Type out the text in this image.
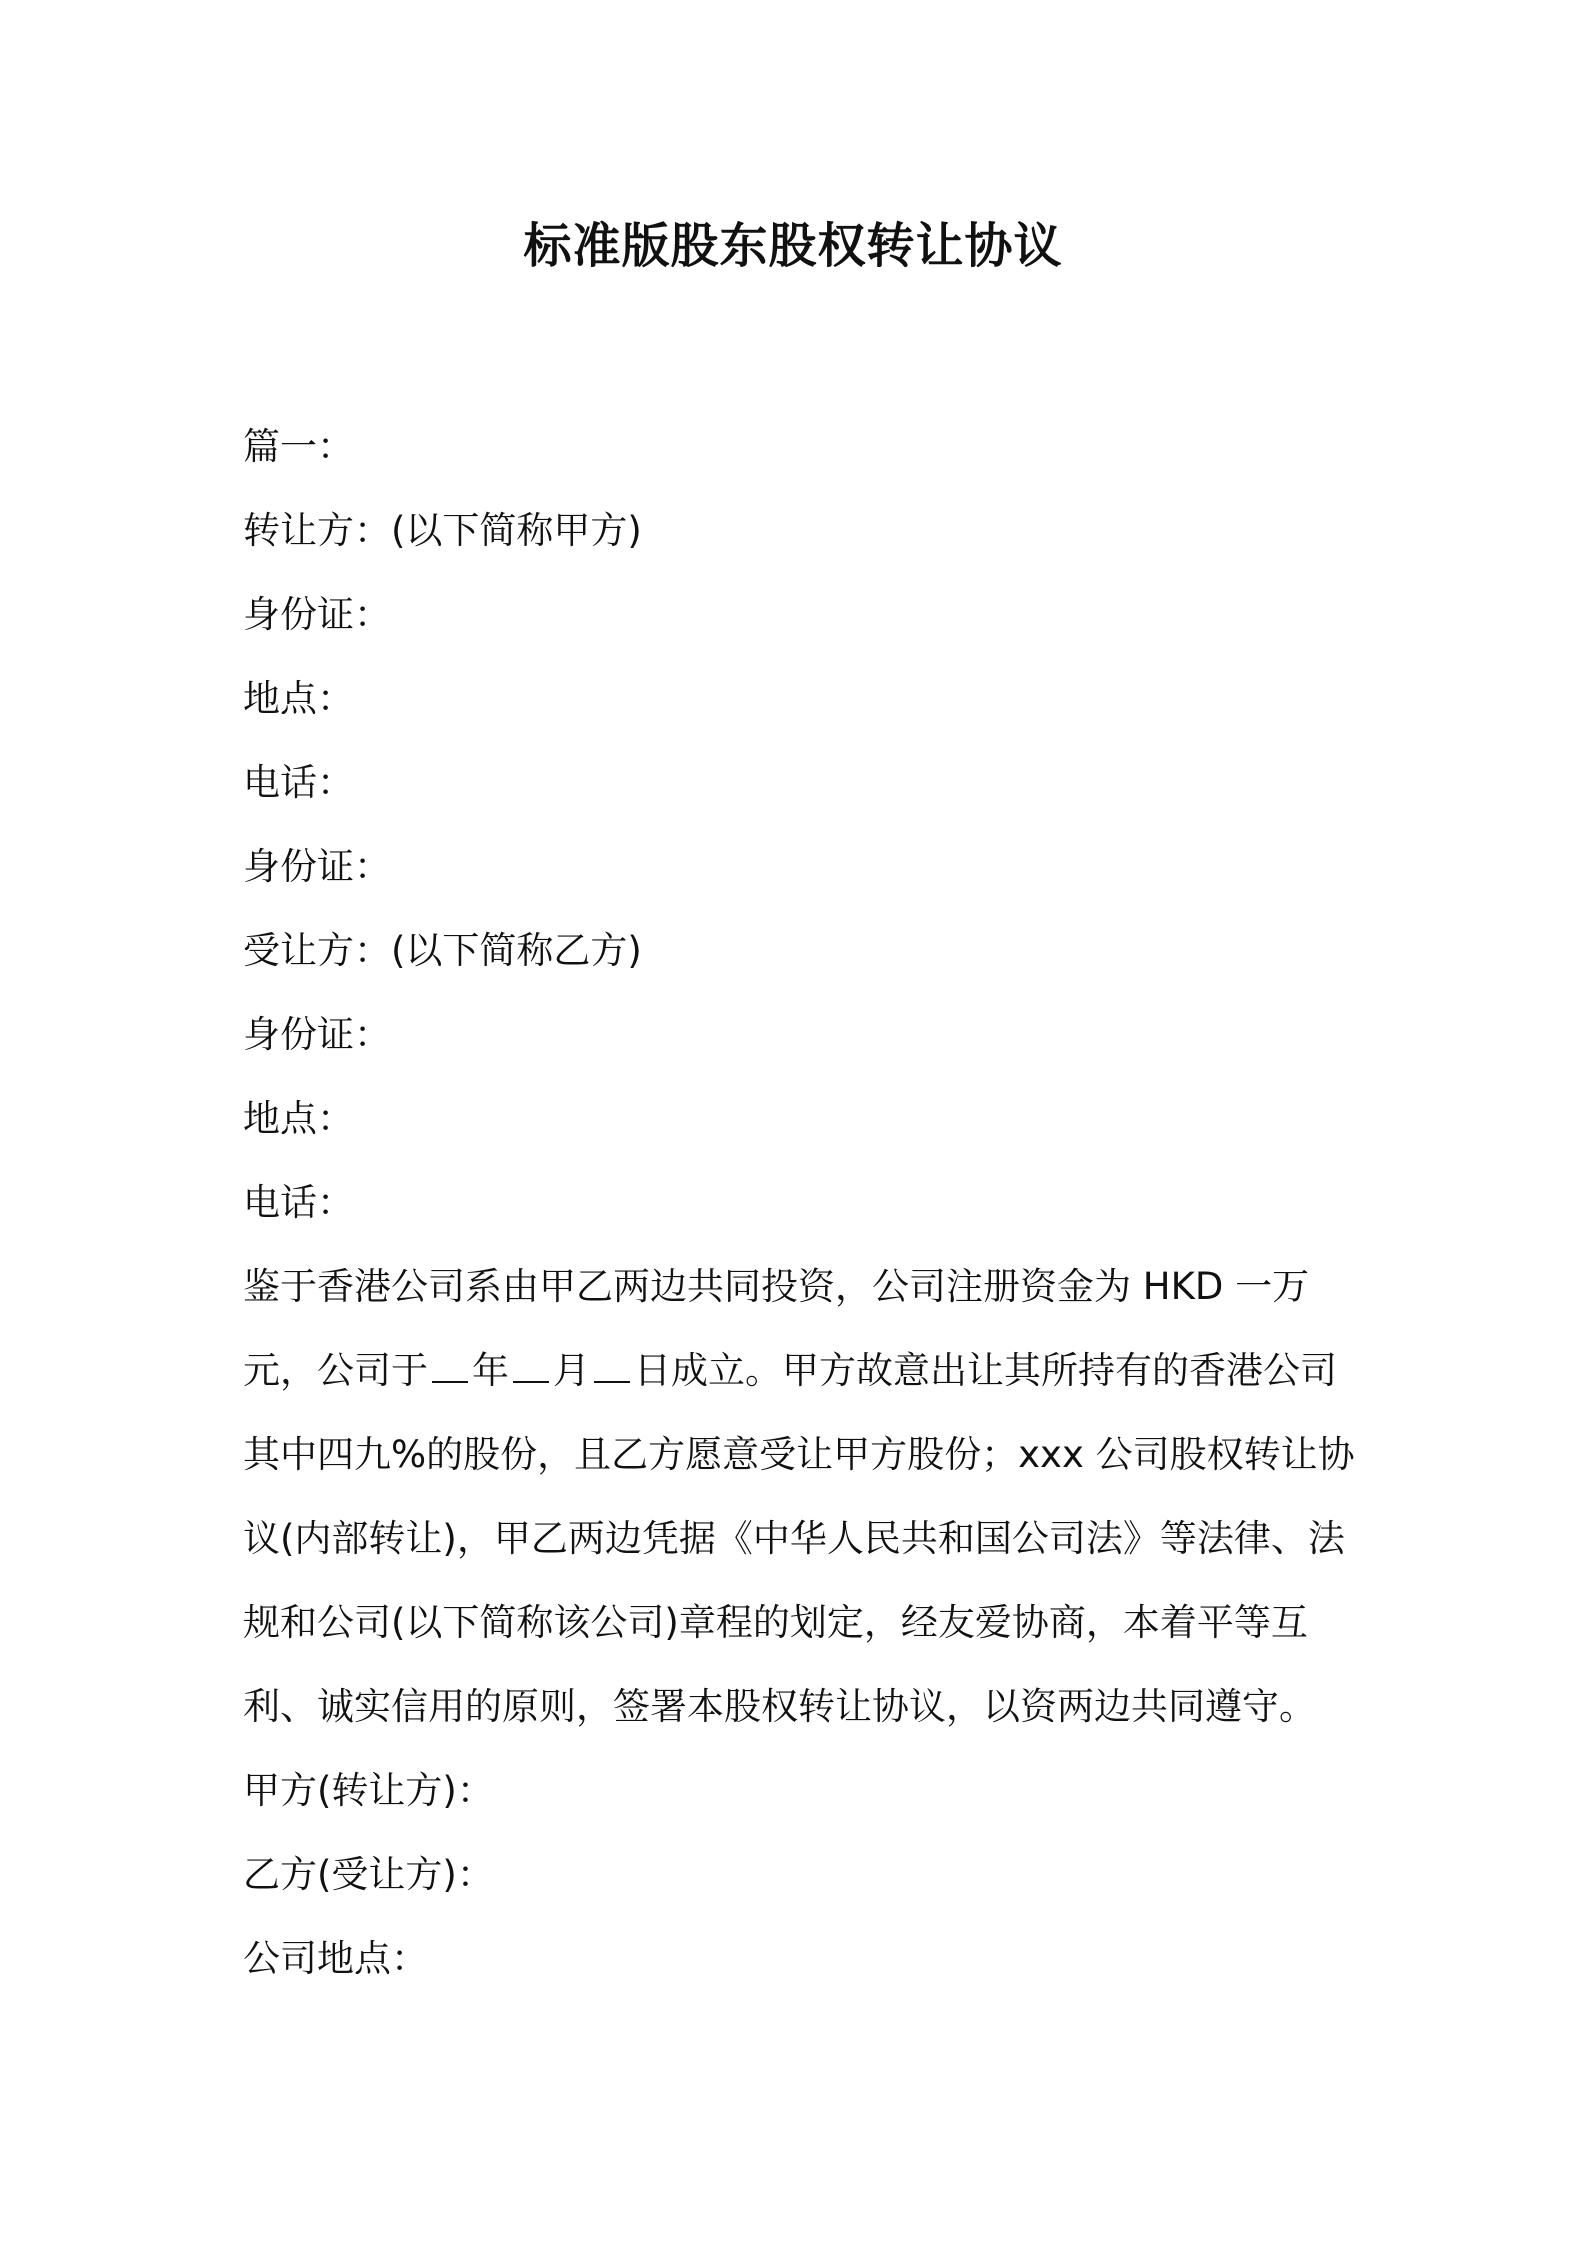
标准版股东股权转让协议
篇一：
转让方：(以下简称甲方)
身份证：
地点：
电话：
身份证：
受让方：(以下简称乙方)
身份证：
地点：
电话：
鉴于香港公司系由甲乙两边共同投资，公司注册资金为 HKD 一万元，公司于 年 月 日成立。甲方故意出让其所持有的香港公司其中四九%的股份，且乙方愿意受让甲方股份；xxx 公司股权转让协议(内部转让)，甲乙两边凭据《中华人民共和国公司法》等法律、法规和公司(以下简称该公司)章程的划定，经友爱协商，本着平等互利、诚实信用的原则，签署本股权转让协议，以资两边共同遵守。
甲方(转让方)：
乙方(受让方)：
公司地点：
